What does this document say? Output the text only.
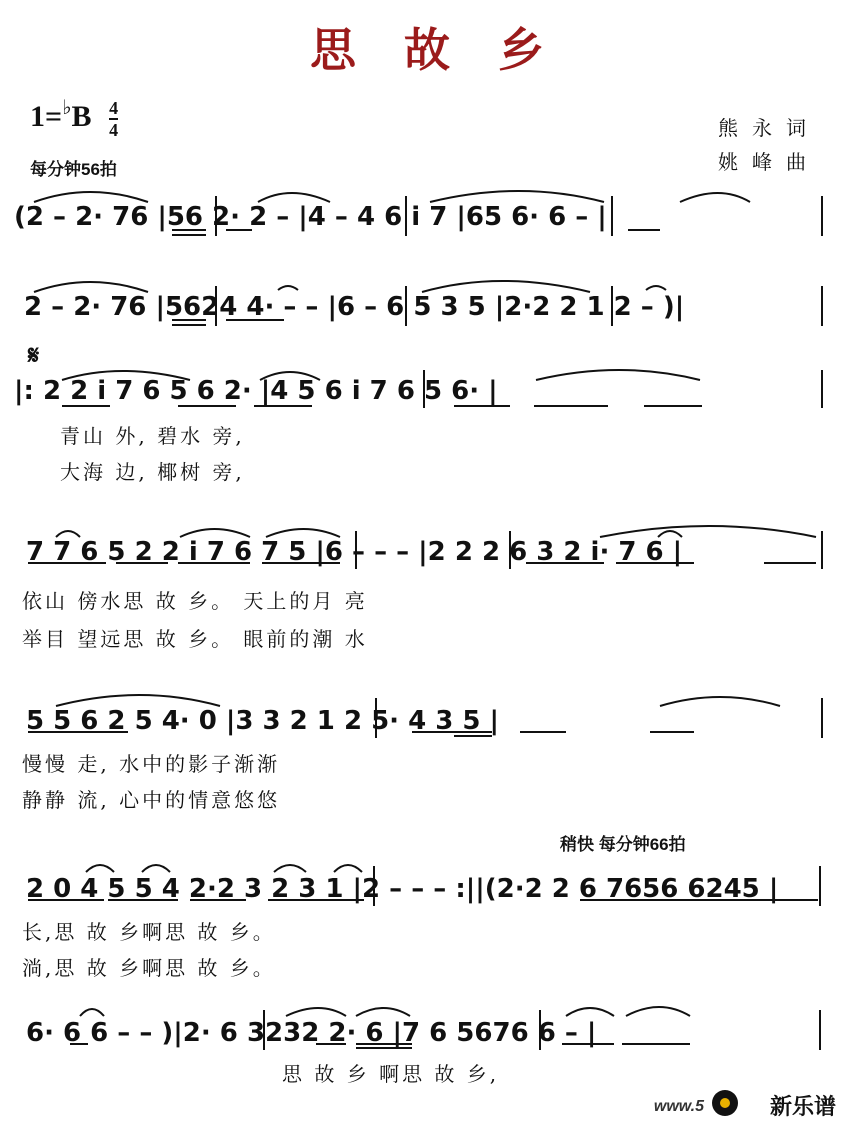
思故乡
$1=^♭B \frac{4}{4}$
每分钟56拍
熊永词
姚峰曲
𝄋
(2 – 2· 76 |56 2· 2 – |4 – 4 6 i 7 |65 6· 6 – |
2 – 2· 76 |5624 4· – – |6 – 6 5 3 5 |2·2 2 1 2 – )|
|: 2 2 i 7 6 5 6 2· |4 5 6 i 7 6 5 6· |
青山 外, 碧水 旁,
大海 边, 椰树 旁,
7 7 6 5 2 2 i 7 6 7 5 |6 – – – |2 2 2 6 3 2 i· 7 6 |
依山 傍水思 故 乡。 天上的月 亮
举目 望远思 故 乡。 眼前的潮 水
5 5 6 2 5 4· 0 |3 3 2 1 2 5· 4 3 5 |
慢慢 走, 水中的影子渐渐
静静 流, 心中的情意悠悠
稍快 每分钟66拍
2 0 4 5 5 4 2·2 3 2 3 1 |2 – – – :||(2·2 2 6 7656 6245 |
长,思 故 乡啊思 故 乡。
淌,思 故 乡啊思 故 乡。
6· 6 6 – – )|2· 6 3232 2· 6 |7 6 5676 6 – |
思 故 乡 啊思 故 乡,
www.5	新乐谱
